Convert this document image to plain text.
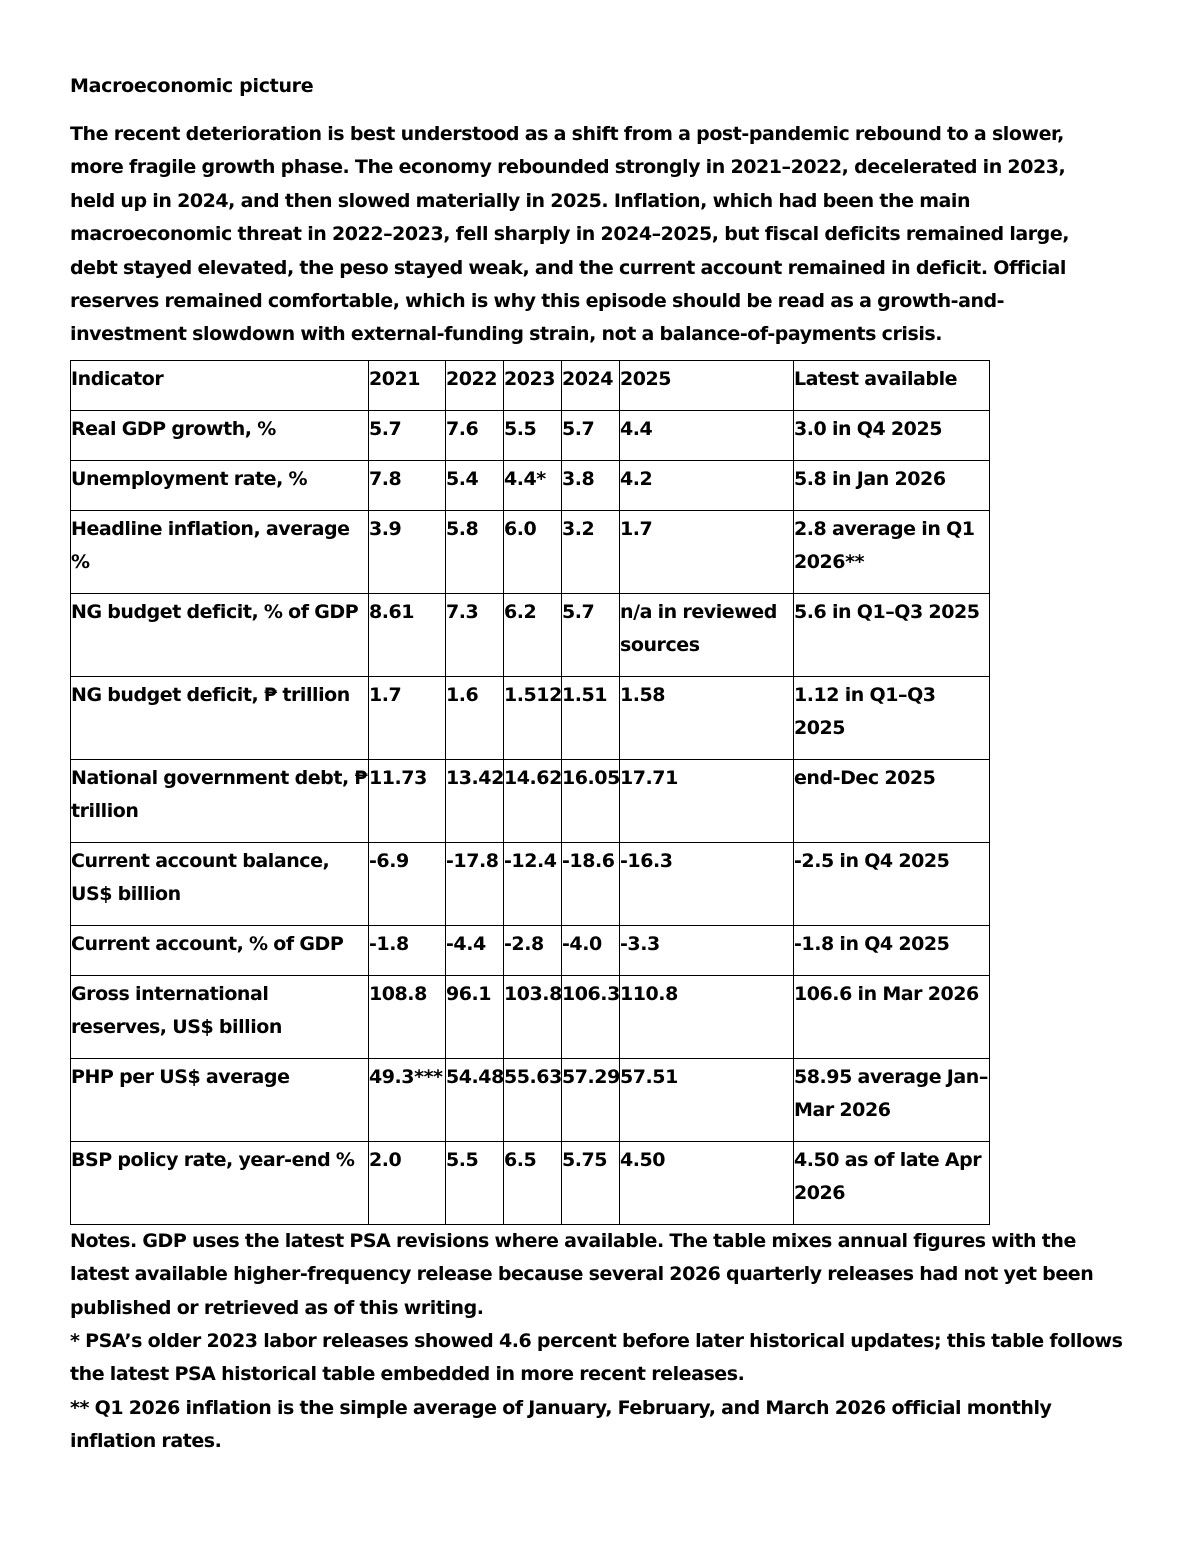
Macroeconomic picture

The recent deterioration is best understood as a shift from a post-pandemic rebound to a slower, more fragile growth phase. The economy rebounded strongly in 2021–2022, decelerated in 2023, held up in 2024, and then slowed materially in 2025. Inflation, which had been the main macroeconomic threat in 2022–2023, fell sharply in 2024–2025, but fiscal deficits remained large, debt stayed elevated, the peso stayed weak, and the current account remained in deficit. Official reserves remained comfortable, which is why this episode should be read as a growth-and-investment slowdown with external-funding strain, not a balance-of-payments crisis.

Indicator	2021	2022	2023	2024	2025	Latest available
Real GDP growth, %	5.7	7.6	5.5	5.7	4.4	3.0 in Q4 2025
Unemployment rate, %	7.8	5.4	4.4*	3.8	4.2	5.8 in Jan 2026
Headline inflation, average %	3.9	5.8	6.0	3.2	1.7	2.8 average in Q1 2026**
NG budget deficit, % of GDP	8.61	7.3	6.2	5.7	n/a in reviewed sources	5.6 in Q1–Q3 2025
NG budget deficit, ₱ trillion	1.7	1.6	1.512	1.51	1.58	1.12 in Q1–Q3 2025
National government debt, ₱ trillion	11.73	13.42	14.62	16.05	17.71	end-Dec 2025
Current account balance, US$ billion	-6.9	-17.8	-12.4	-18.6	-16.3	-2.5 in Q4 2025
Current account, % of GDP	-1.8	-4.4	-2.8	-4.0	-3.3	-1.8 in Q4 2025
Gross international reserves, US$ billion	108.8	96.1	103.8	106.3	110.8	106.6 in Mar 2026
PHP per US$ average	49.3***	54.48	55.63	57.29	57.51	58.95 average Jan–Mar 2026
BSP policy rate, year-end %	2.0	5.5	6.5	5.75	4.50	4.50 as of late Apr 2026

Notes. GDP uses the latest PSA revisions where available. The table mixes annual figures with the latest available higher-frequency release because several 2026 quarterly releases had not yet been published or retrieved as of this writing.

* PSA’s older 2023 labor releases showed 4.6 percent before later historical updates; this table follows the latest PSA historical table embedded in more recent releases.

** Q1 2026 inflation is the simple average of January, February, and March 2026 official monthly inflation rates.
